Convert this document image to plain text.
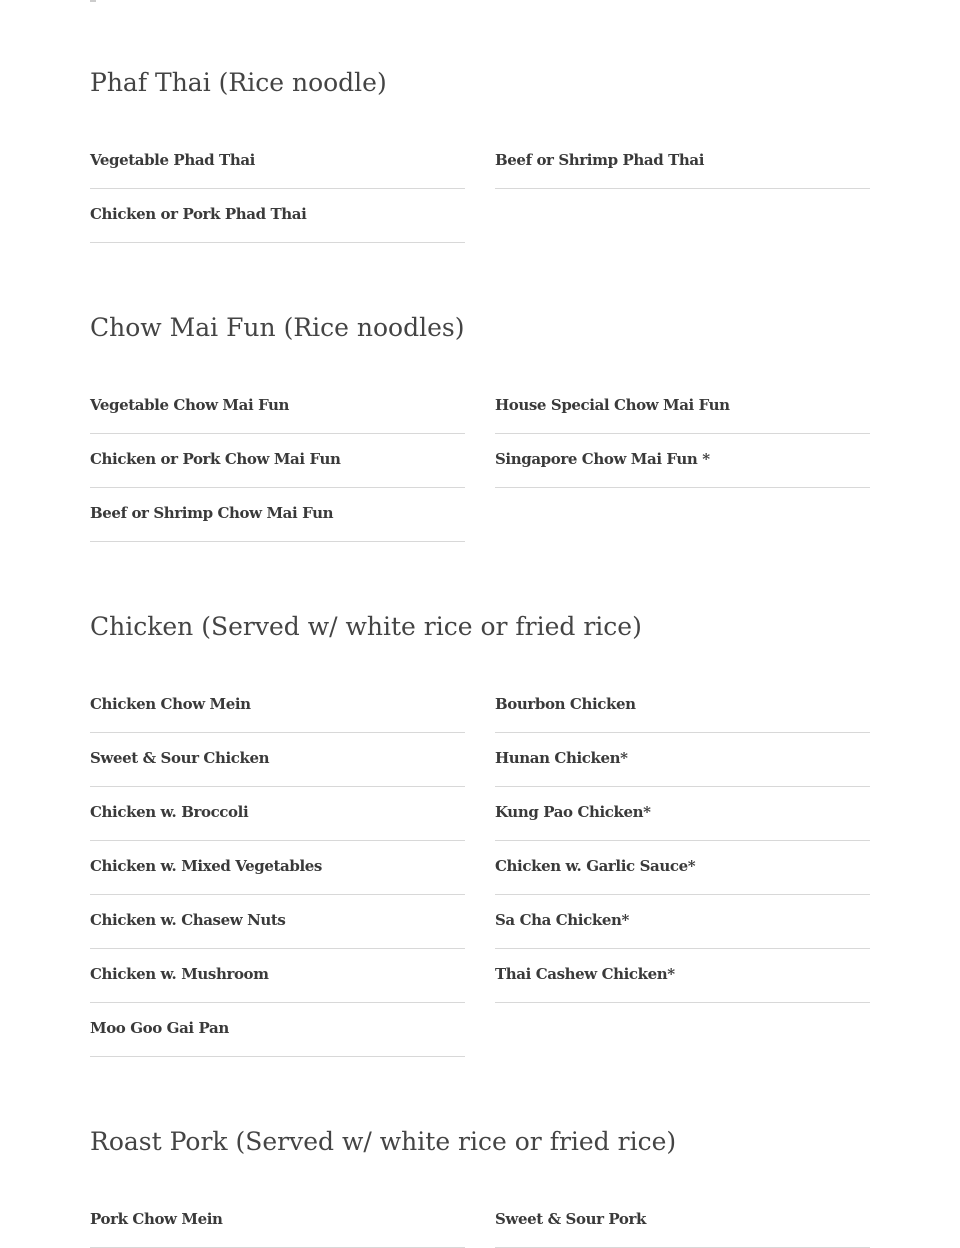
Phaf Thai (Rice noodle)
Vegetable Phad Thai
Chicken or Pork Phad Thai
Beef or Shrimp Phad Thai
Chow Mai Fun (Rice noodles)
Vegetable Chow Mai Fun
Chicken or Pork Chow Mai Fun
Beef or Shrimp Chow Mai Fun
House Special Chow Mai Fun
Singapore Chow Mai Fun *
Chicken (Served w/ white rice or fried rice)
Chicken Chow Mein
Sweet & Sour Chicken
Chicken w. Broccoli
Chicken w. Mixed Vegetables
Chicken w. Chasew Nuts
Chicken w. Mushroom
Moo Goo Gai Pan
Bourbon Chicken
Hunan Chicken*
Kung Pao Chicken*
Chicken w. Garlic Sauce*
Sa Cha Chicken*
Thai Cashew Chicken*
Roast Pork (Served w/ white rice or fried rice)
Pork Chow Mein	Sweet & Sour Pork
